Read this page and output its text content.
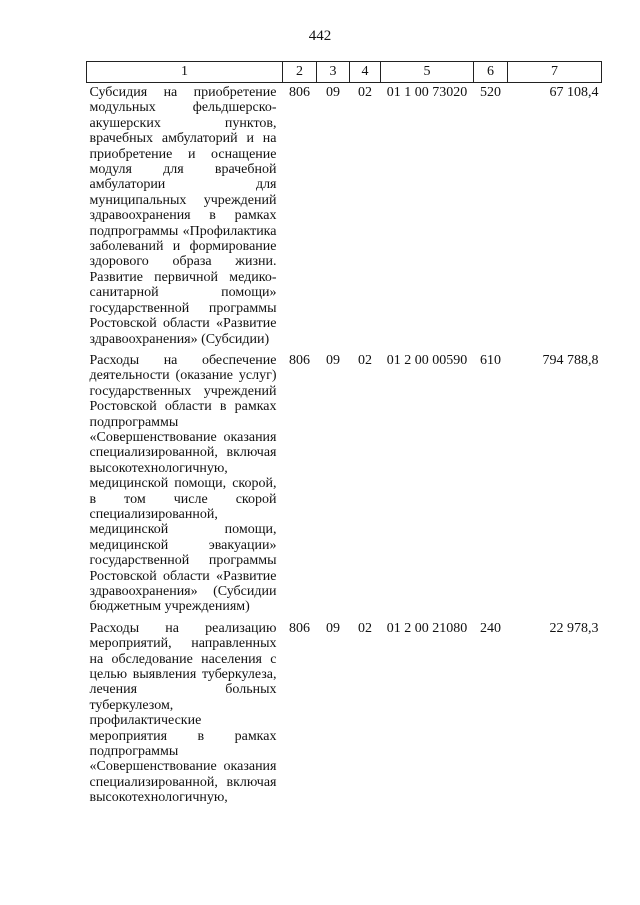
442
1	2	3	4	5	6	7
Субсидия на приобретение модульных фельдшерско-акушерских пунктов, врачебных амбулаторий и на приобретение и оснащение модуля для врачебной амбулатории для муниципальных учреждений здравоохранения в рамках подпрограммы «Профилактика заболеваний и формирование здорового образа жизни. Развитие первичной медико-санитарной помощи» государственной программы Ростовской области «Развитие здравоохранения» (Субсидии)	806	09	02	01 1 00 73020	520	67 108,4
Расходы на обеспечение деятельности (оказание услуг) государственных учреждений Ростовской области в рамках подпрограммы «Совершенствование оказания специализированной, включая высокотехнологичную, медицинской помощи, скорой, в том числе скорой специализированной, медицинской помощи, медицинской эвакуации» государственной программы Ростовской области «Развитие здравоохранения» (Субсидии бюджетным учреждениям)	806	09	02	01 2 00 00590	610	794 788,8
Расходы на реализацию мероприятий, направленных на обследование населения с целью выявления туберкулеза, лечения больных туберкулезом, профилактические мероприятия в рамках подпрограммы «Совершенствование оказания специализированной, включая высокотехнологичную,	806	09	02	01 2 00 21080	240	22 978,3
